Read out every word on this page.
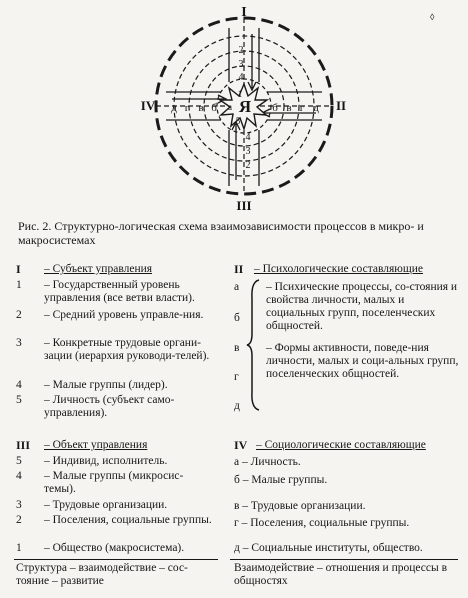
Я
1
5
а
I
II
III
IV
2
3
4
4
3
2
д г в б	б в г д
◊
Рис. 2. Структурно-логическая схема взаимозависимости процессов в микро- и макросистемах
I – Субъект управления
1 – Государственный уровень управления (все ветви власти).
2 – Средний уровень управле-ния.
3 – Конкретные трудовые органи-зации (иерархия руководи-телей).
4 – Малые группы (лидер).
5 – Личность (субъект само-управления).
II – Психологические составляющие
а
б
в
г
д
– Психические процессы, со-стояния и свойства личности, малых и социальных групп, поселенческих общностей.
– Формы активности, поведе-ния личности, малых и соци-альных групп, поселенческих общностей.
III – Объект управления
5 – Индивид, исполнитель.
4 – Малые группы (микросис-темы).
3 – Трудовые организации.
2 – Поселения, социальные группы.
1 – Общество (макросистема).
Структура – взаимодействие – сос-тояние – развитие
IV – Социологические составляющие
а – Личность.
б – Малые группы.
в – Трудовые организации.
г – Поселения, социальные группы.
д – Социальные институты, общество.
Взаимодействие – отношения и процессы в общностях
